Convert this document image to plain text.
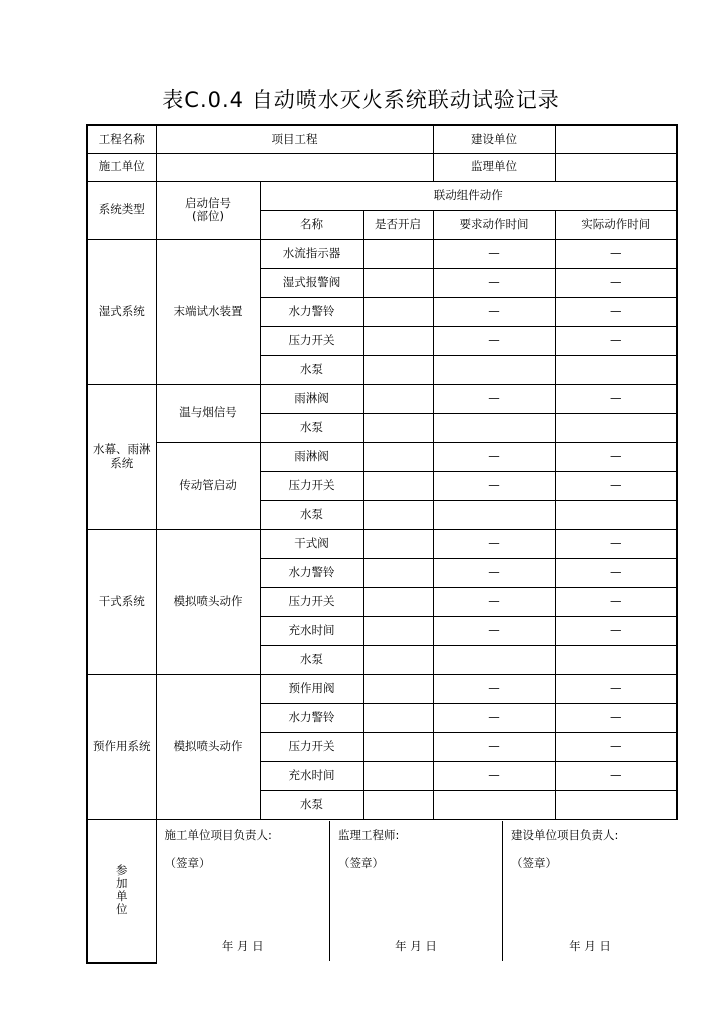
表C.0.4 自动喷水灭火系统联动试验记录
工程名称	项目工程	建设单位	
施工单位		监理单位	
系统类型	启动信号
(部位)
	联动组件动作
名称	是否开启	要求动作时间	实际动作时间
湿式系统	末端试水装置	水流指示器		—	—
湿式报警阀		—	—
水力警铃		—	—
压力开关		—	—
水泵			
水幕、雨淋系统	温与烟信号	雨淋阀		—	—
水泵			
传动管启动	雨淋阀		—	—
压力开关		—	—
水泵			
干式系统	模拟喷头动作	干式阀		—	—
水力警铃		—	—
压力开关		—	—
充水时间		—	—
水泵			
预作用系统	模拟喷头动作	预作用阀		—	—
水力警铃		—	—
压力开关		—	—
充水时间		—	—
水泵			
参
加
单
位	
施工单位项目负责人:
（签章）
年 月 日

监理工程师:
（签章）
年 月 日

建设单位项目负责人:
（签章）
年 月 日
